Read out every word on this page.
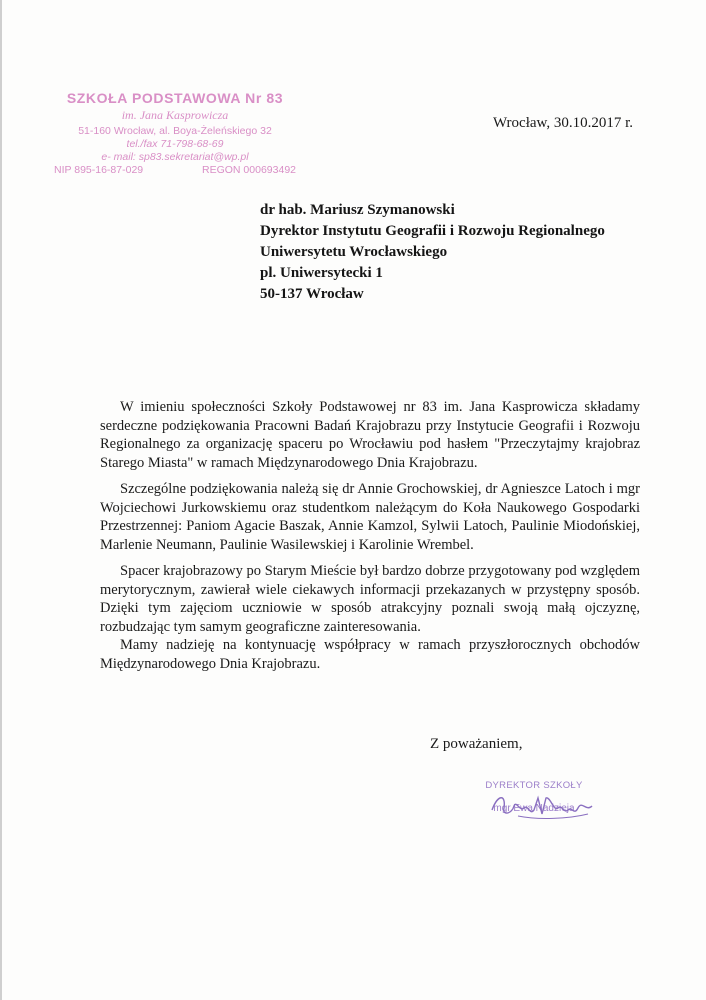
SZKOŁA PODSTAWOWA Nr 83
im. Jana Kasprowicza
51-160 Wrocław, al. Boya-Żeleńskiego 32
tel./fax 71-798-68-69
e- mail: sp83.sekretariat@wp.pl
NIP 895-16-87-029	REGON 000693492
Wrocław, 30.10.2017 r.
dr hab. Mariusz Szymanowski
Dyrektor Instytutu Geografii i Rozwoju Regionalnego
Uniwersytetu Wrocławskiego
pl. Uniwersytecki 1
50-137 Wrocław

W imieniu społeczności Szkoły Podstawowej nr 83 im. Jana Kasprowicza składamy serdeczne podziękowania Pracowni Badań Krajobrazu przy Instytucie Geografii i Rozwoju Regionalnego za organizację spaceru po Wrocławiu pod hasłem "Przeczytajmy krajobraz Starego Miasta" w ramach Międzynarodowego Dnia Krajobrazu.

Szczególne podziękowania należą się dr Annie Grochowskiej, dr Agnieszce Latoch i mgr Wojciechowi Jurkowskiemu oraz studentkom należącym do Koła Naukowego Gospodarki Przestrzennej: Paniom Agacie Baszak, Annie Kamzol, Sylwii Latoch, Paulinie Miodońskiej, Marlenie Neumann, Paulinie Wasilewskiej i Karolinie Wrembel.

Spacer krajobrazowy po Starym Mieście był bardzo dobrze przygotowany pod względem merytorycznym, zawierał wiele ciekawych informacji przekazanych w przystępny sposób. Dzięki tym zajęciom uczniowie w sposób atrakcyjny poznali swoją małą ojczyznę, rozbudzając tym samym geograficzne zainteresowania.

Mamy nadzieję na kontynuację współpracy w ramach przyszłorocznych obchodów Międzynarodowego Dnia Krajobrazu.

Z poważaniem,
DYREKTOR SZKOŁY
mgr Ewa Nadzieja
